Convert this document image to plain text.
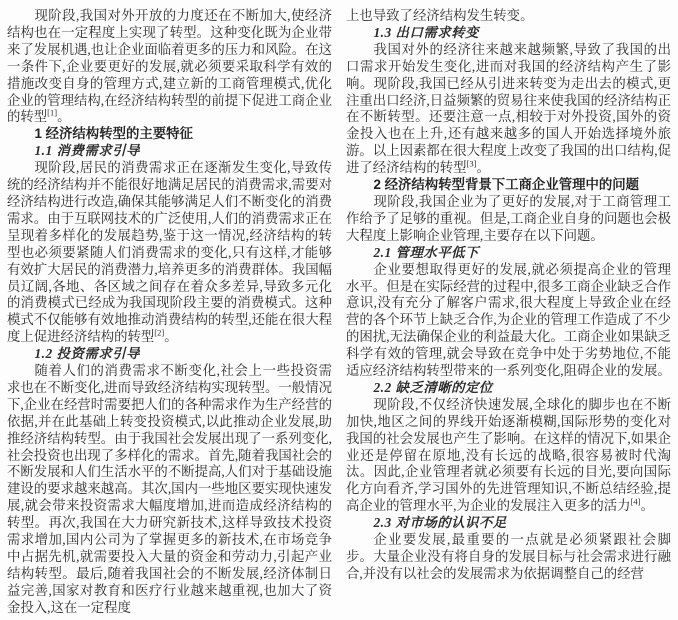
现阶段,我国对外开放的力度还在不断加大,使经济结构也在一定程度上实现了转型。这种变化既为企业带来了发展机遇,也让企业面临着更多的压力和风险。在这一条件下,企业要更好的发展,就必须要采取科学有效的措施改变自身的管理方式,建立新的工商管理模式,优化企业的管理结构,在经济结构转型的前提下促进工商企业的转型[1]。

1 经济结构转型的主要特征

1.1 消费需求引导

现阶段,居民的消费需求正在逐渐发生变化,导致传统的经济结构并不能很好地满足居民的消费需求,需要对经济结构进行改造,确保其能够满足人们不断变化的消费需求。由于互联网技术的广泛使用,人们的消费需求正在呈现着多样化的发展趋势,鉴于这一情况,经济结构的转型也必须要紧随人们消费需求的变化,只有这样,才能够有效扩大居民的消费潜力,培养更多的消费群体。我国幅员辽阔,各地、各区域之间存在着众多差异,导致多元化的消费模式已经成为我国现阶段主要的消费模式。这种模式不仅能够有效地推动消费结构的转型,还能在很大程度上促进经济结构的转型[2]。

1.2 投资需求引导

随着人们的消费需求不断变化,社会上一些投资需求也在不断变化,进而导致经济结构实现转型。一般情况下,企业在经营时需要把人们的各种需求作为生产经营的依据,并在此基础上转变投资模式,以此推动企业发展,助推经济结构转型。由于我国社会发展出现了一系列变化,社会投资也出现了多样化的需求。首先,随着我国社会的不断发展和人们生活水平的不断提高,人们对于基础设施建设的要求越来越高。其次,国内一些地区要实现快速发展,就会带来投资需求大幅度增加,进而造成经济结构的转型。再次,我国在大力研究新技术,这样导致技术投资需求增加,国内公司为了掌握更多的新技术,在市场竞争中占据先机,就需要投入大量的资金和劳动力,引起产业结构转型。最后,随着我国社会的不断发展,经济体制日益完善,国家对教育和医疗行业越来越重视,也加大了资金投入,这在一定程度

上也导致了经济结构发生转变。

1.3 出口需求转变

我国对外的经济往来越来越频繁,导致了我国的出口需求开始发生变化,进而对我国的经济结构产生了影响。现阶段,我国已经从引进来转变为走出去的模式,更注重出口经济,日益频繁的贸易往来使我国的经济结构正在不断转型。还要注意一点,相较于对外投资,国外的资金投入也在上升,还有越来越多的国人开始选择境外旅游。以上因素都在很大程度上改变了我国的出口结构,促进了经济结构的转型[3]。

2 经济结构转型背景下工商企业管理中的问题

现阶段,我国企业为了更好的发展,对于工商管理工作给予了足够的重视。但是,工商企业自身的问题也会极大程度上影响企业管理,主要存在以下问题。

2.1 管理水平低下

企业要想取得更好的发展,就必须提高企业的管理水平。但是在实际经营的过程中,很多工商企业缺乏合作意识,没有充分了解客户需求,很大程度上导致企业在经营的各个环节上缺乏合作,为企业的管理工作造成了不少的困扰,无法确保企业的利益最大化。工商企业如果缺乏科学有效的管理,就会导致在竞争中处于劣势地位,不能适应经济结构转型带来的一系列变化,阻碍企业的发展。

2.2 缺乏清晰的定位

现阶段,不仅经济快速发展,全球化的脚步也在不断加快,地区之间的界线开始逐渐模糊,国际形势的变化对我国的社会发展也产生了影响。在这样的情况下,如果企业还是停留在原地,没有长远的战略,很容易被时代淘汰。因此,企业管理者就必须要有长远的目光,要向国际化方向看齐,学习国外的先进管理知识,不断总结经验,提高企业的管理水平,为企业的发展注入更多的活力[4]。

2.3 对市场的认识不足

企业要发展,最重要的一点就是必须紧跟社会脚步。大量企业没有将自身的发展目标与社会需求进行融合,并没有以社会的发展需求为依据调整自己的经营
